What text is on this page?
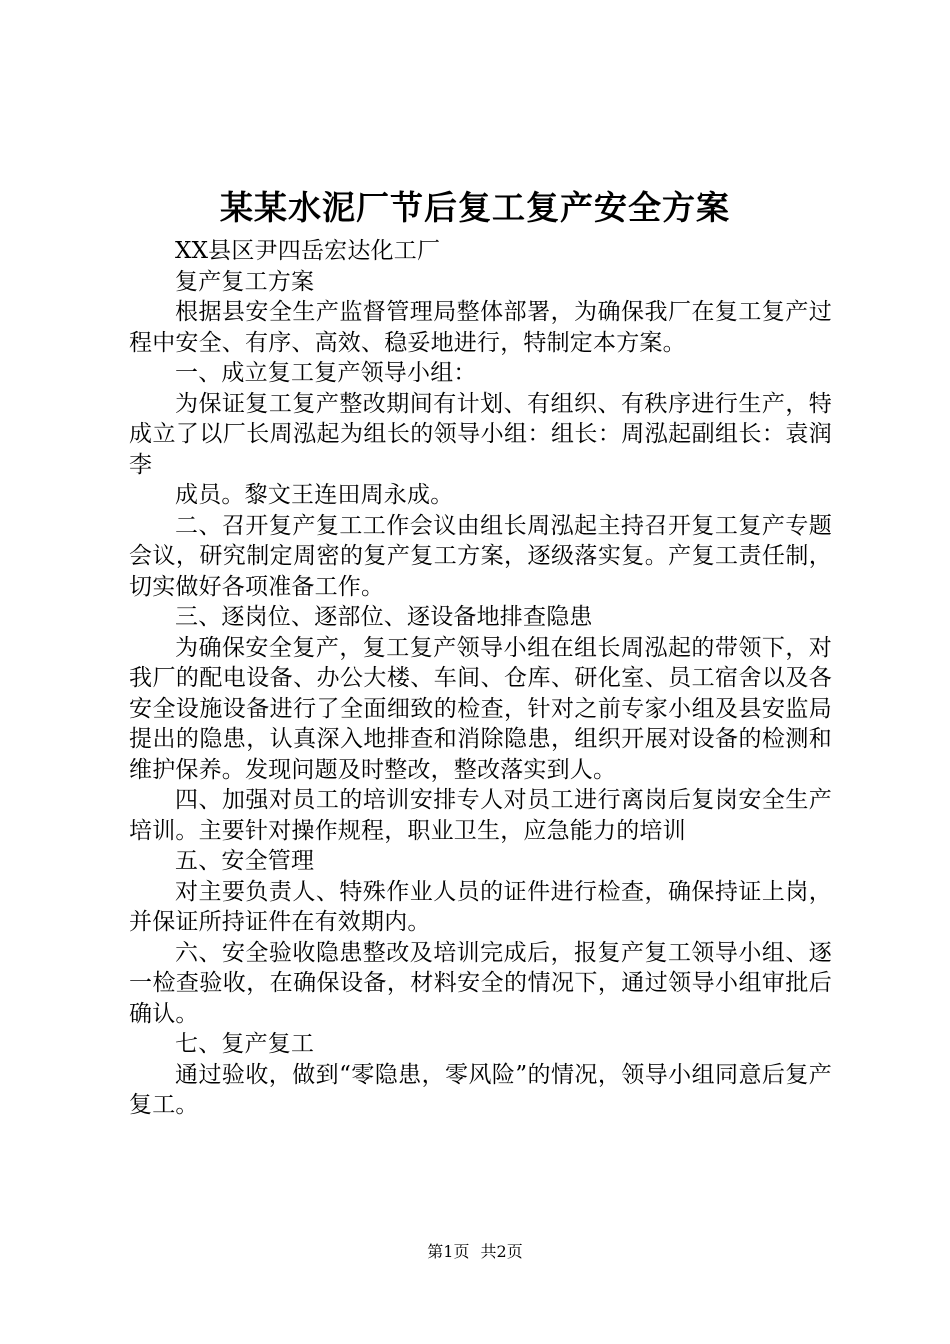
某某水泥厂节后复工复产安全方案

XX县区尹四岳宏达化工厂

复产复工方案

根据县安全生产监督管理局整体部署，为确保我厂在复工复产过程中安全、有序、高效、稳妥地进行，特制定本方案。

一、成立复工复产领导小组：

为保证复工复产整改期间有计划、有组织、有秩序进行生产，特成立了以厂长周泓起为组长的领导小组：组长：周泓起副组长：袁润李

成员。黎文王连田周永成。

二、召开复产复工工作会议由组长周泓起主持召开复工复产专题会议，研究制定周密的复产复工方案，逐级落实复。产复工责任制，切实做好各项准备工作。

三、逐岗位、逐部位、逐设备地排查隐患

为确保安全复产，复工复产领导小组在组长周泓起的带领下，对我厂的配电设备、办公大楼、车间、仓库、研化室、员工宿舍以及各安全设施设备进行了全面细致的检查，针对之前专家小组及县安监局提出的隐患，认真深入地排查和消除隐患，组织开展对设备的检测和维护保养。发现问题及时整改，整改落实到人。

四、加强对员工的培训安排专人对员工进行离岗后复岗安全生产培训。主要针对操作规程，职业卫生，应急能力的培训

五、安全管理

对主要负责人、特殊作业人员的证件进行检查，确保持证上岗，并保证所持证件在有效期内。

六、安全验收隐患整改及培训完成后，报复产复工领导小组、逐一检查验收，在确保设备，材料安全的情况下，通过领导小组审批后确认。

七、复产复工

通过验收，做到“零隐患，零风险”的情况，领导小组同意后复产复工。

第1页 共2页
